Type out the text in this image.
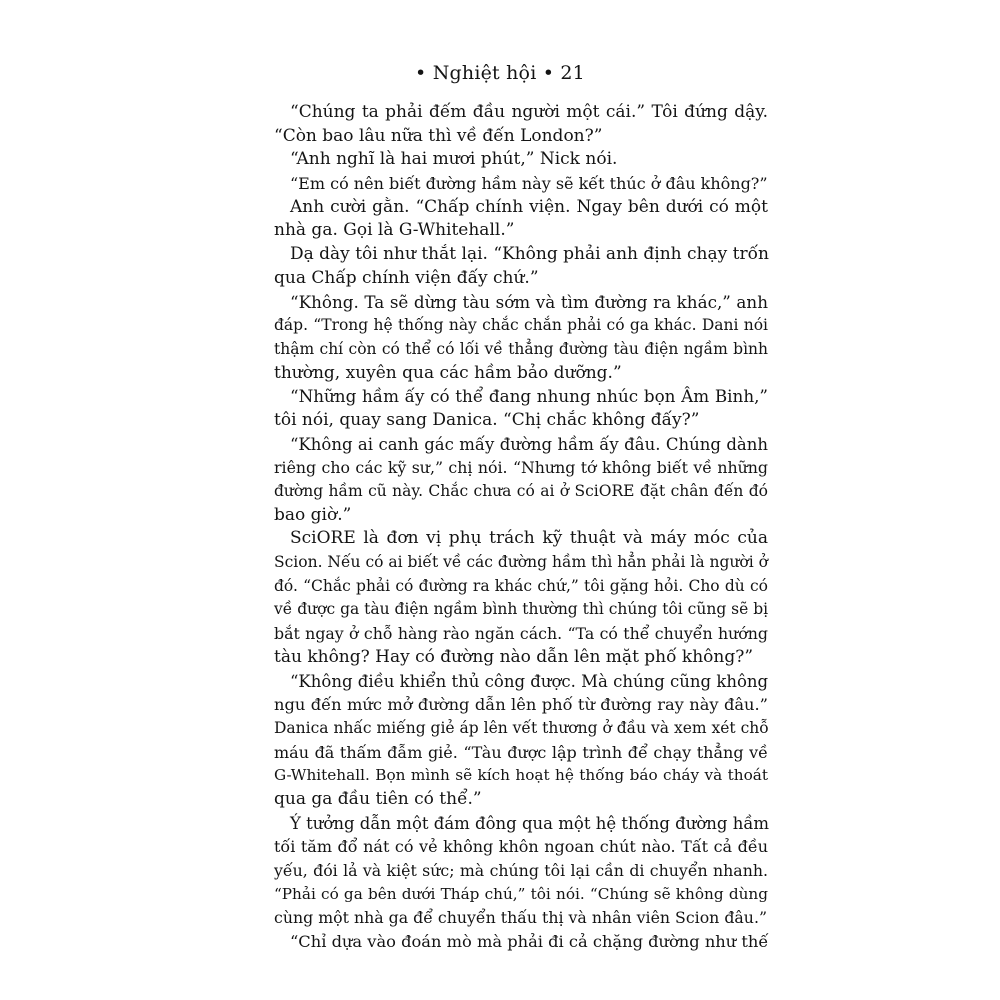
• Nghiệt hội • 21
“Chúng ta phải đếm đầu người một cái.” Tôi đứng dậy.
“Còn bao lâu nữa thì về đến London?”
“Anh nghĩ là hai mươi phút,” Nick nói.
“Em có nên biết đường hầm này sẽ kết thúc ở đâu không?”
Anh cười gằn. “Chấp chính viện. Ngay bên dưới có một
nhà ga. Gọi là G-Whitehall.”
Dạ dày tôi như thắt lại. “Không phải anh định chạy trốn
qua Chấp chính viện đấy chứ.”
“Không. Ta sẽ dừng tàu sớm và tìm đường ra khác,” anh
đáp. “Trong hệ thống này chắc chắn phải có ga khác. Dani nói
thậm chí còn có thể có lối về thẳng đường tàu điện ngầm bình
thường, xuyên qua các hầm bảo dưỡng.”
“Những hầm ấy có thể đang nhung nhúc bọn Âm Binh,”
tôi nói, quay sang Danica. “Chị chắc không đấy?”
“Không ai canh gác mấy đường hầm ấy đâu. Chúng dành
riêng cho các kỹ sư,” chị nói. “Nhưng tớ không biết về những
đường hầm cũ này. Chắc chưa có ai ở SciORE đặt chân đến đó
bao giờ.”
SciORE là đơn vị phụ trách kỹ thuật và máy móc của
Scion. Nếu có ai biết về các đường hầm thì hẳn phải là người ở
đó. “Chắc phải có đường ra khác chứ,” tôi gặng hỏi. Cho dù có
về được ga tàu điện ngầm bình thường thì chúng tôi cũng sẽ bị
bắt ngay ở chỗ hàng rào ngăn cách. “Ta có thể chuyển hướng
tàu không? Hay có đường nào dẫn lên mặt phố không?”
“Không điều khiển thủ công được. Mà chúng cũng không
ngu đến mức mở đường dẫn lên phố từ đường ray này đâu.”
Danica nhấc miếng giẻ áp lên vết thương ở đầu và xem xét chỗ
máu đã thấm đẫm giẻ. “Tàu được lập trình để chạy thẳng về
G-Whitehall. Bọn mình sẽ kích hoạt hệ thống báo cháy và thoát
qua ga đầu tiên có thể.”
Ý tưởng dẫn một đám đông qua một hệ thống đường hầm
tối tăm đổ nát có vẻ không khôn ngoan chút nào. Tất cả đều
yếu, đói lả và kiệt sức; mà chúng tôi lại cần di chuyển nhanh.
“Phải có ga bên dưới Tháp chú,” tôi nói. “Chúng sẽ không dùng
cùng một nhà ga để chuyển thấu thị và nhân viên Scion đâu.”
“Chỉ dựa vào đoán mò mà phải đi cả chặng đường như thế
